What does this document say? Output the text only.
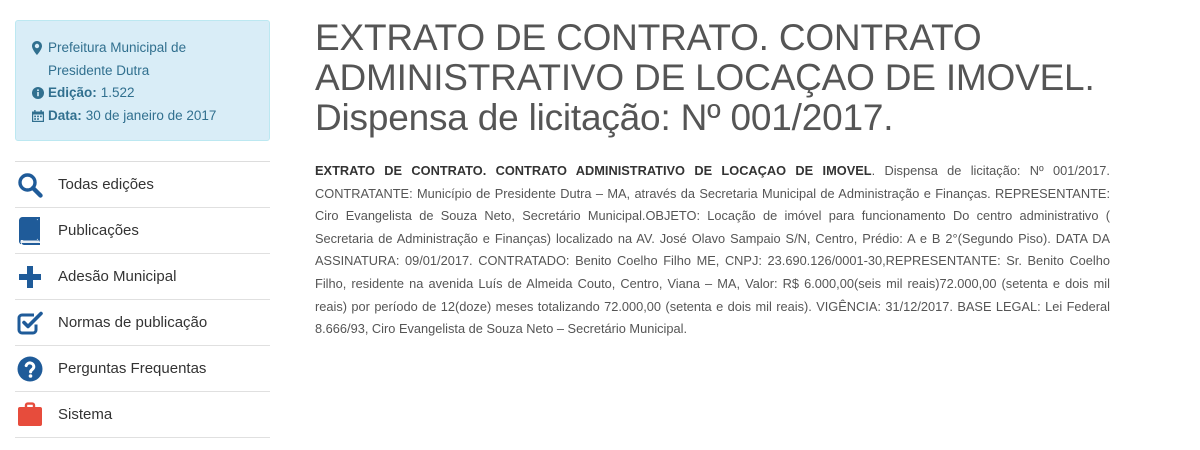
Prefeitura Municipal de Presidente Dutra
Edição: 1.522
Data: 30 de janeiro de 2017
Todas edições
Publicações
Adesão Municipal
Normas de publicação
Perguntas Frequentas
Sistema
EXTRATO DE CONTRATO. CONTRATO ADMINISTRATIVO DE LOCAÇAO DE IMOVEL. Dispensa de licitação: Nº 001/2017.
EXTRATO DE CONTRATO. CONTRATO ADMINISTRATIVO DE LOCAÇAO DE IMOVEL. Dispensa de licitação: Nº 001/2017. CONTRATANTE: Município de Presidente Dutra – MA, através da Secretaria Municipal de Administração e Finanças. REPRESENTANTE: Ciro Evangelista de Souza Neto, Secretário Municipal.OBJETO: Locação de imóvel para funcionamento Do centro administrativo ( Secretaria de Administração e Finanças) localizado na AV. José Olavo Sampaio S/N, Centro, Prédio: A e B 2°(Segundo Piso). DATA DA ASSINATURA: 09/01/2017. CONTRATADO: Benito Coelho Filho ME, CNPJ: 23.690.126/0001-30,REPRESENTANTE: Sr. Benito Coelho Filho, residente na avenida Luís de Almeida Couto, Centro, Viana – MA, Valor: R$ 6.000,00(seis mil reais)72.000,00 (setenta e dois mil reais) por período de 12(doze) meses totalizando 72.000,00 (setenta e dois mil reais). VIGÊNCIA: 31/12/2017. BASE LEGAL: Lei Federal 8.666/93, Ciro Evangelista de Souza Neto – Secretário Municipal.
